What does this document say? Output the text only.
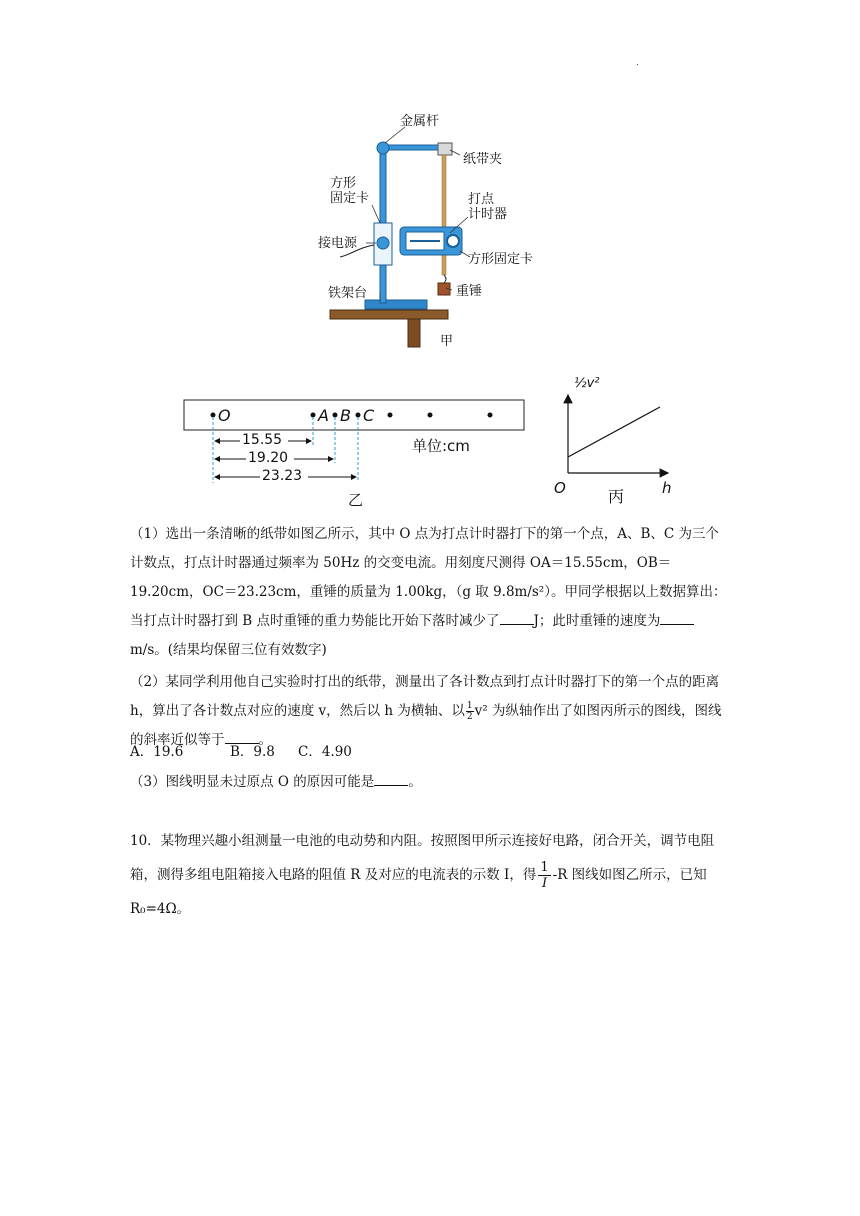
.
金属杆
纸带夹
方形固定卡	打点计时器
接电源
方形固定卡
铁架台	重锤
甲
O	A B C
15.55
19.20
23.23
单位:cm
乙
½v²
O	h
丙
（1）选出一条清晰的纸带如图乙所示，其中 O 点为打点计时器打下的第一个点，A、B、C 为三个计数点，打点计时器通过频率为 50Hz 的交变电流。用刻度尺测得 OA＝15.55cm，OB＝19.20cm，OC＝23.23cm，重锤的质量为 1.00kg，（g 取 9.8m/s²）。甲同学根据以上数据算出：当打点计时器打到 B 点时重锤的重力势能比开始下落时减少了	J；此时重锤的速度为m/s。(结果均保留三位有效数字)
（2）某同学利用他自己实验时打出的纸带，测量出了各计数点到打点计时器打下的第一个点的距离 h，算出了各计数点对应的速度 v，然后以 h 为横轴、以 $\frac{1}{2} v^2$ 为纵轴作出了如图丙所示的图线，图线的斜率近似等于	。
A．19.6	B．9.8 C．4.90
（3）图线明显未过原点 O 的原因可能是	。
10．某物理兴趣小组测量一电池的电动势和内阻。按照图甲所示连接好电路，闭合开关，调节电阻箱，测得多组电阻箱接入电路的阻值 R 及对应的电流表的示数 I，得 $\frac{1}{I} -R$ 图线如图乙所示，已知 R₀=4Ω。
